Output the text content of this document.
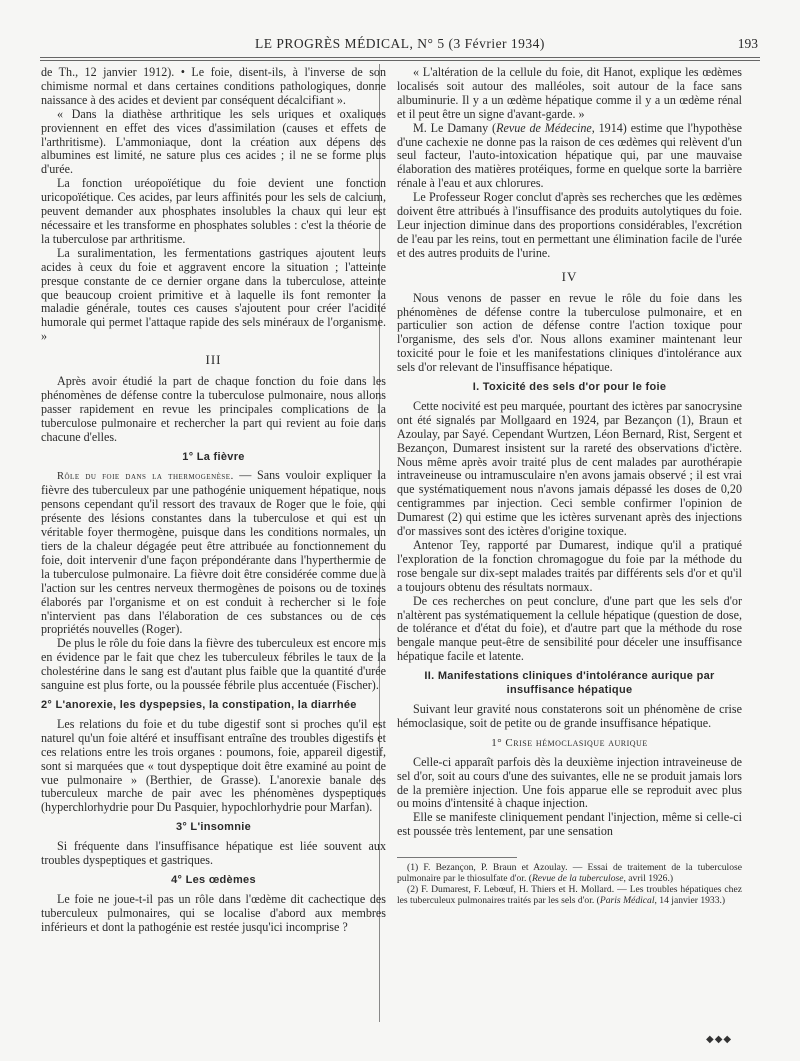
LE PROGRÈS MÉDICAL, N° 5 (3 Février 1934)	193

de Th., 12 janvier 1912). • Le foie, disent-ils, à l'inverse de son chimisme normal et dans certaines conditions pathologiques, donne naissance à des acides et devient par conséquent décalcifiant ».

« Dans la diathèse arthritique les sels uriques et oxaliques proviennent en effet des vices d'assimilation (causes et effets de l'arthritisme). L'ammoniaque, dont la création aux dépens des albumines est limité, ne sature plus ces acides ; il ne se forme plus d'urée.

La fonction uréopoïétique du foie devient une fonction uricopoïétique. Ces acides, par leurs affinités pour les sels de calcium, peuvent demander aux phosphates insolubles la chaux qui leur est nécessaire et les transforme en phosphates solubles : c'est la théorie de la tuberculose par arthritisme.

La suralimentation, les fermentations gastriques ajoutent leurs acides à ceux du foie et aggravent encore la situation ; l'atteinte presque constante de ce dernier organe dans la tuberculose, atteinte que beaucoup croient primitive et à laquelle ils font remonter la maladie générale, toutes ces causes s'ajoutent pour créer l'acidité humorale qui permet l'attaque rapide des sels minéraux de l'organisme. »

III

Après avoir étudié la part de chaque fonction du foie dans les phénomènes de défense contre la tuberculose pulmonaire, nous allons passer rapidement en revue les principales complications de la tuberculose pulmonaire et rechercher la part qui revient au foie dans chacune d'elles.

1° La fièvre

Rôle du foie dans la thermogenèse. — Sans vouloir expliquer la fièvre des tuberculeux par une pathogénie uniquement hépatique, nous pensons cependant qu'il ressort des travaux de Roger que le foie, qui présente des lésions constantes dans la tuberculose et qui est un véritable foyer thermogène, puisque dans les conditions normales, un tiers de la chaleur dégagée peut être attribuée au fonctionnement du foie, doit intervenir d'une façon prépondérante dans l'hyperthermie de la tuberculose pulmonaire. La fièvre doit être considérée comme due à l'action sur les centres nerveux thermogènes de poisons ou de toxines élaborés par l'organisme et on est conduit à rechercher si le foie n'intervient pas dans l'élaboration de ces substances ou de ces propriétés nouvelles (Roger).

De plus le rôle du foie dans la fièvre des tuberculeux est encore mis en évidence par le fait que chez les tuberculeux fébriles le taux de la cholestérine dans le sang est d'autant plus faible que la quantité d'urée sanguine est plus forte, ou la poussée fébrile plus accentuée (Fischer).

2° L'anorexie, les dyspepsies, la constipation, la diarrhée

Les relations du foie et du tube digestif sont si proches qu'il est naturel qu'un foie altéré et insuffisant entraîne des troubles digestifs et ces relations entre les trois organes : poumons, foie, appareil digestif, sont si marquées que « tout dyspeptique doit être examiné au point de vue pulmonaire » (Berthier, de Grasse). L'anorexie banale des tuberculeux marche de pair avec les phénomènes dyspeptiques (hyperchlorhydrie pour Du Pasquier, hypochlorhydrie pour Marfan).

3° L'insomnie

Si fréquente dans l'insuffisance hépatique est liée souvent aux troubles dyspeptiques et gastriques.

4° Les œdèmes

Le foie ne joue-t-il pas un rôle dans l'œdème dit cachectique des tuberculeux pulmonaires, qui se localise d'abord aux membres inférieurs et dont la pathogénie est restée jusqu'ici incomprise ?

« L'altération de la cellule du foie, dit Hanot, explique les œdèmes localisés soit autour des malléoles, soit autour de la face sans albuminurie. Il y a un œdème hépatique comme il y a un œdème rénal et il peut être un signe d'avant-garde. »

M. Le Damany (Revue de Médecine, 1914) estime que l'hypothèse d'une cachexie ne donne pas la raison de ces œdèmes qui relèvent d'un seul facteur, l'auto-intoxication hépatique qui, par une mauvaise élaboration des matières protéiques, forme en quelque sorte la barrière rénale à l'eau et aux chlorures.

Le Professeur Roger conclut d'après ses recherches que les œdèmes doivent être attribués à l'insuffisance des produits autolytiques du foie. Leur injection diminue dans des proportions considérables, l'excrétion de l'eau par les reins, tout en permettant une élimination facile de l'urée et des autres produits de l'urine.

IV

Nous venons de passer en revue le rôle du foie dans les phénomènes de défense contre la tuberculose pulmonaire, et en particulier son action de défense contre l'action toxique pour l'organisme, des sels d'or. Nous allons examiner maintenant leur toxicité pour le foie et les manifestations cliniques d'intolérance aux sels d'or relevant de l'insuffisance hépatique.

I. Toxicité des sels d'or pour le foie

Cette nocivité est peu marquée, pourtant des ictères par sanocrysine ont été signalés par Mollgaard en 1924, par Bezançon (1), Braun et Azoulay, par Sayé. Cependant Wurtzen, Léon Bernard, Rist, Sergent et Bezançon, Dumarest insistent sur la rareté des observations d'ictère. Nous même après avoir traité plus de cent malades par aurothérapie intraveineuse ou intramusculaire n'en avons jamais observé ; il est vrai que systématiquement nous n'avons jamais dépassé les doses de 0,20 centigrammes par injection. Ceci semble confirmer l'opinion de Dumarest (2) qui estime que les ictères survenant après des injections d'or massives sont des ictères d'origine toxique.

Antenor Tey, rapporté par Dumarest, indique qu'il a pratiqué l'exploration de la fonction chromagogue du foie par la méthode du rose bengale sur dix-sept malades traités par différents sels d'or et qu'il a toujours obtenu des résultats normaux.

De ces recherches on peut conclure, d'une part que les sels d'or n'altèrent pas systématiquement la cellule hépatique (question de dose, de tolérance et d'état du foie), et d'autre part que la méthode du rose bengale manque peut-être de sensibilité pour déceler une insuffisance hépatique facile et latente.

II. Manifestations cliniques d'intolérance aurique par insuffisance hépatique

Suivant leur gravité nous constaterons soit un phénomène de crise hémoclasique, soit de petite ou de grande insuffisance hépatique.

1° Crise hémoclasique aurique

Celle-ci apparaît parfois dès la deuxième injection intraveineuse de sel d'or, soit au cours d'une des suivantes, elle ne se produit jamais lors de la première injection. Une fois apparue elle se reproduit avec plus ou moins d'intensité à chaque injection.

Elle se manifeste cliniquement pendant l'injection, même si celle-ci est poussée très lentement, par une sensation

(1) F. Bezançon, P. Braun et Azoulay. — Essai de traitement de la tuberculose pulmonaire par le thiosulfate d'or. (Revue de la tuberculose, avril 1926.)

(2) F. Dumarest, F. Lebœuf, H. Thiers et H. Mollard. — Les troubles hépatiques chez les tuberculeux pulmonaires traités par les sels d'or. (Paris Médical, 14 janvier 1933.)

◆◆◆
